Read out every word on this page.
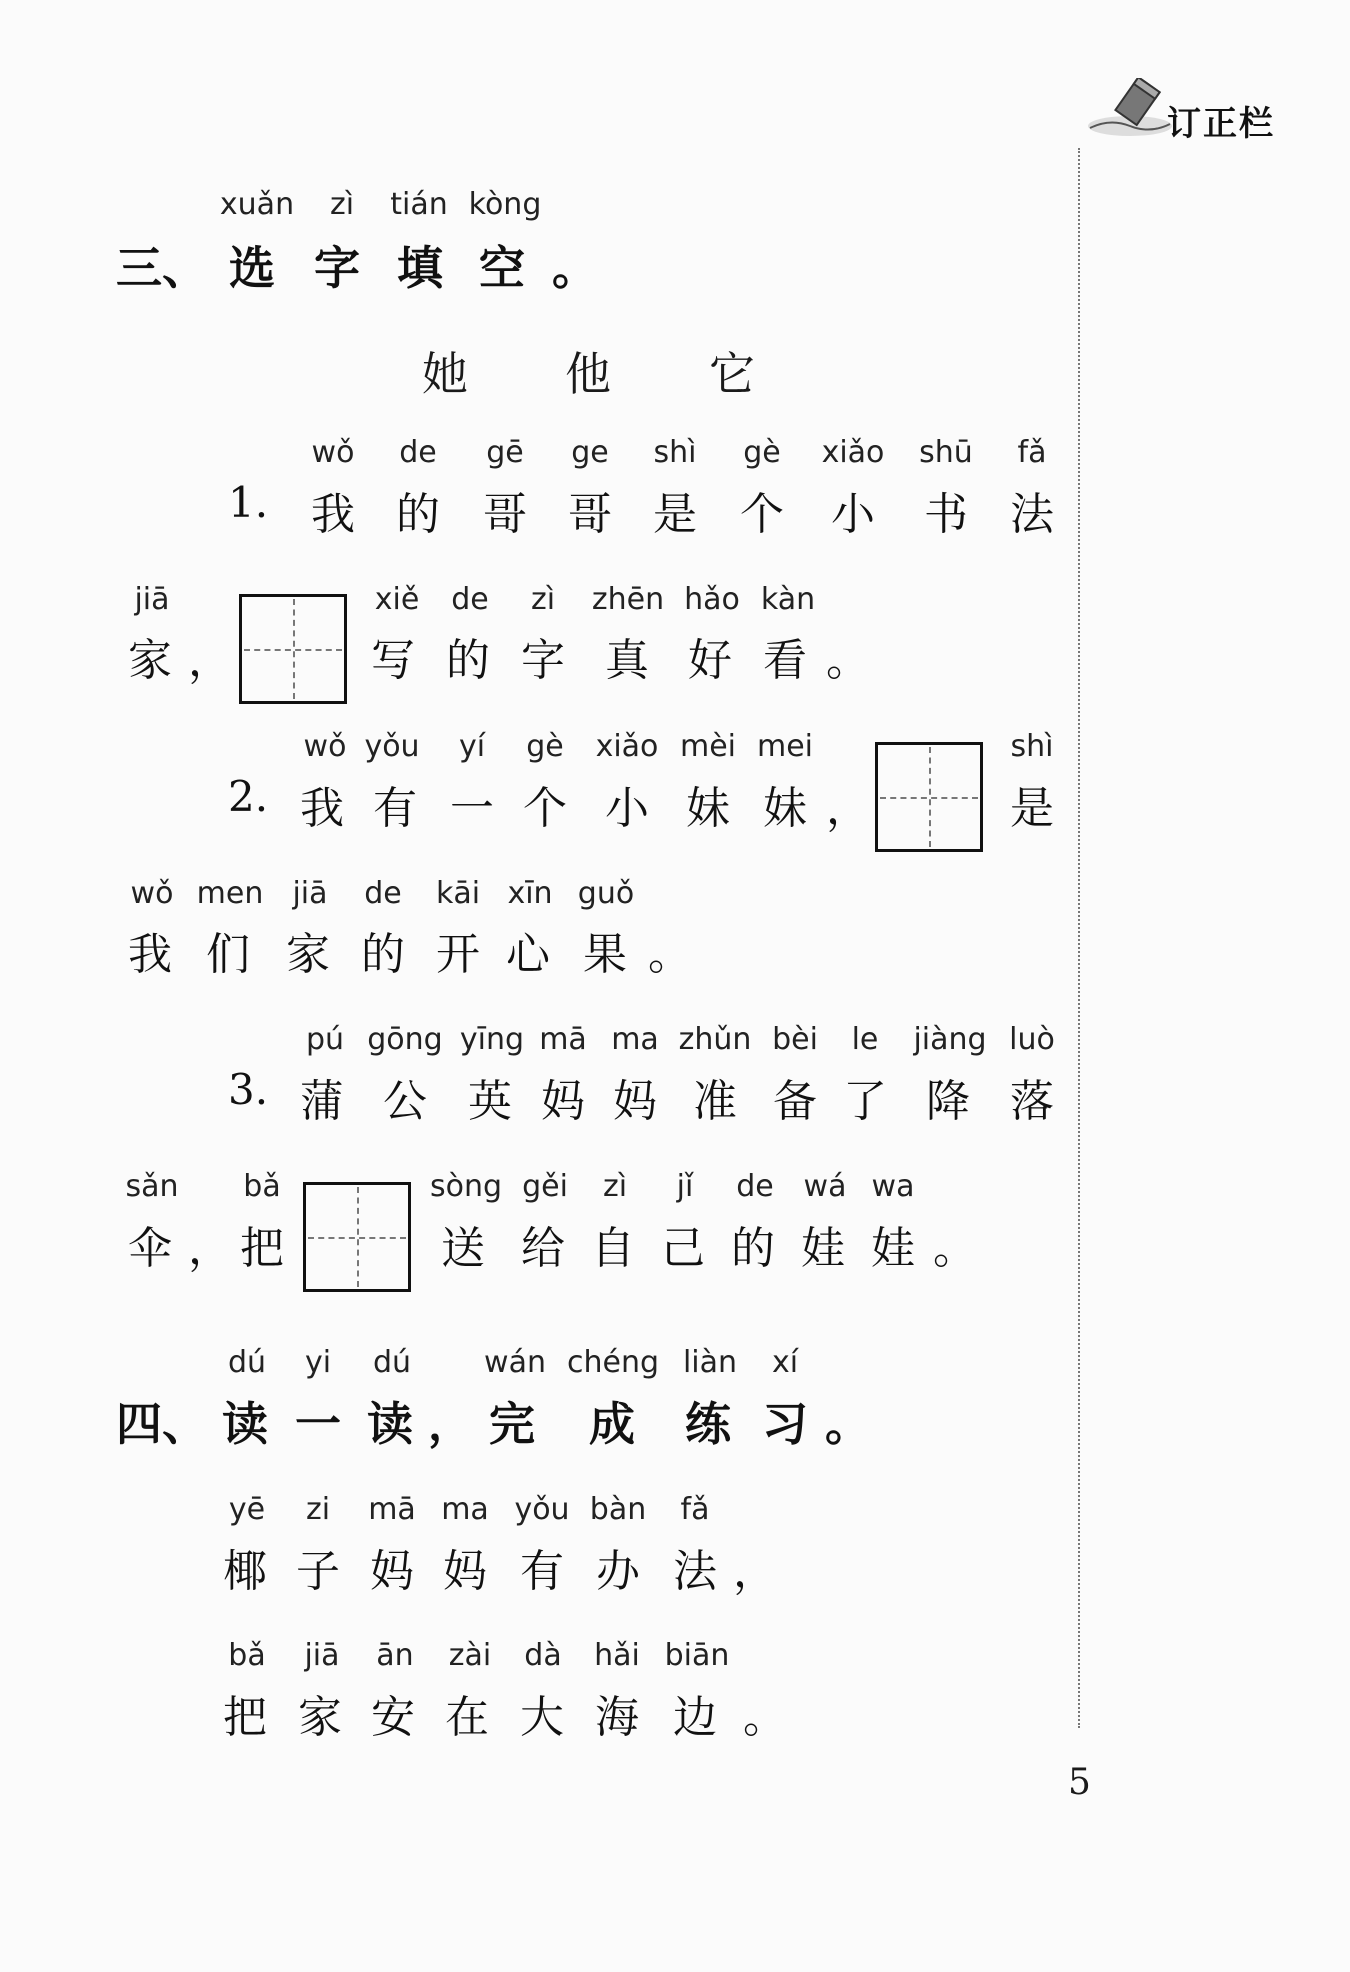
订正栏
xuǎn zì tián kòng
三、 选 字 填 空 。
她 他 它
wǒ de gē ge shì gè xiǎo shū fǎ
1. 我 的 哥 哥 是 个 小 书 法
jiā	xiě de zì zhēn hǎo kàn
家 ，	写 的 字 真 好 看 。
wǒ yǒu yí gè xiǎo mèi mei	shì
2. 我 有 一 个 小 妹 妹 ，	是
wǒ men jiā de kāi xīn guǒ
我 们 家 的 开 心 果 。
pú gōng yīng mā ma zhǔn bèi le jiàng luò
3. 蒲 公 英 妈 妈 准 备 了 降 落
sǎn bǎ	sòng gěi zì jǐ de wá wa
伞 ， 把	送 给 自 己 的 娃 娃 。
dú yi dú wán chéng liàn xí
四、 读 一 读 ， 完 成 练 习 。
yē zi mā ma yǒu bàn fǎ
椰 子 妈 妈 有 办 法 ，
bǎ jiā ān zài dà hǎi biān
把 家 安 在 大 海 边 。
5
